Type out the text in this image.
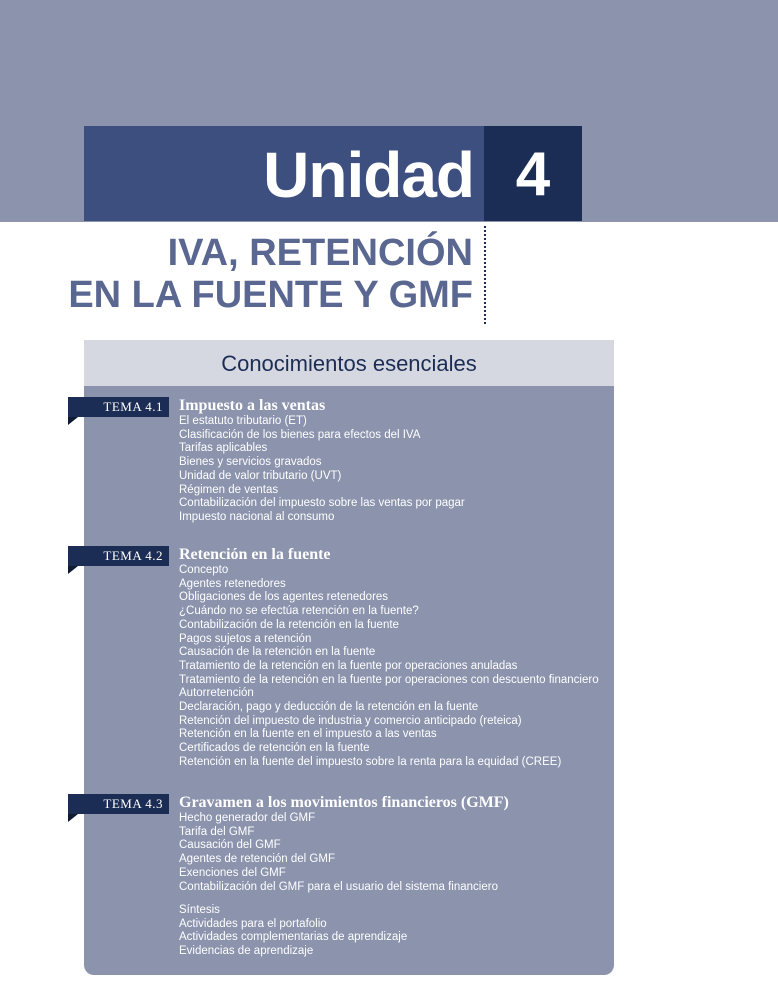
Unidad 4
IVA, RETENCIÓN
EN LA FUENTE Y GMF
Conocimientos esenciales
TEMA 4.1 Impuesto a las ventas
El estatuto tributario (ET)
Clasificación de los bienes para efectos del IVA
Tarifas aplicables
Bienes y servicios gravados
Unidad de valor tributario (UVT)
Régimen de ventas
Contabilización del impuesto sobre las ventas por pagar
Impuesto nacional al consumo
TEMA 4.2 Retención en la fuente
Concepto
Agentes retenedores
Obligaciones de los agentes retenedores
¿Cuándo no se efectúa retención en la fuente?
Contabilización de la retención en la fuente
Pagos sujetos a retención
Causación de la retención en la fuente
Tratamiento de la retención en la fuente por operaciones anuladas
Tratamiento de la retención en la fuente por operaciones con descuento financiero
Autorretención
Declaración, pago y deducción de la retención en la fuente
Retención del impuesto de industria y comercio anticipado (reteica)
Retención en la fuente en el impuesto a las ventas
Certificados de retención en la fuente
Retención en la fuente del impuesto sobre la renta para la equidad (CREE)
TEMA 4.3 Gravamen a los movimientos financieros (GMF)
Hecho generador del GMF
Tarifa del GMF
Causación del GMF
Agentes de retención del GMF
Exenciones del GMF
Contabilización del GMF para el usuario del sistema financiero
Síntesis
Actividades para el portafolio
Actividades complementarias de aprendizaje
Evidencias de aprendizaje
